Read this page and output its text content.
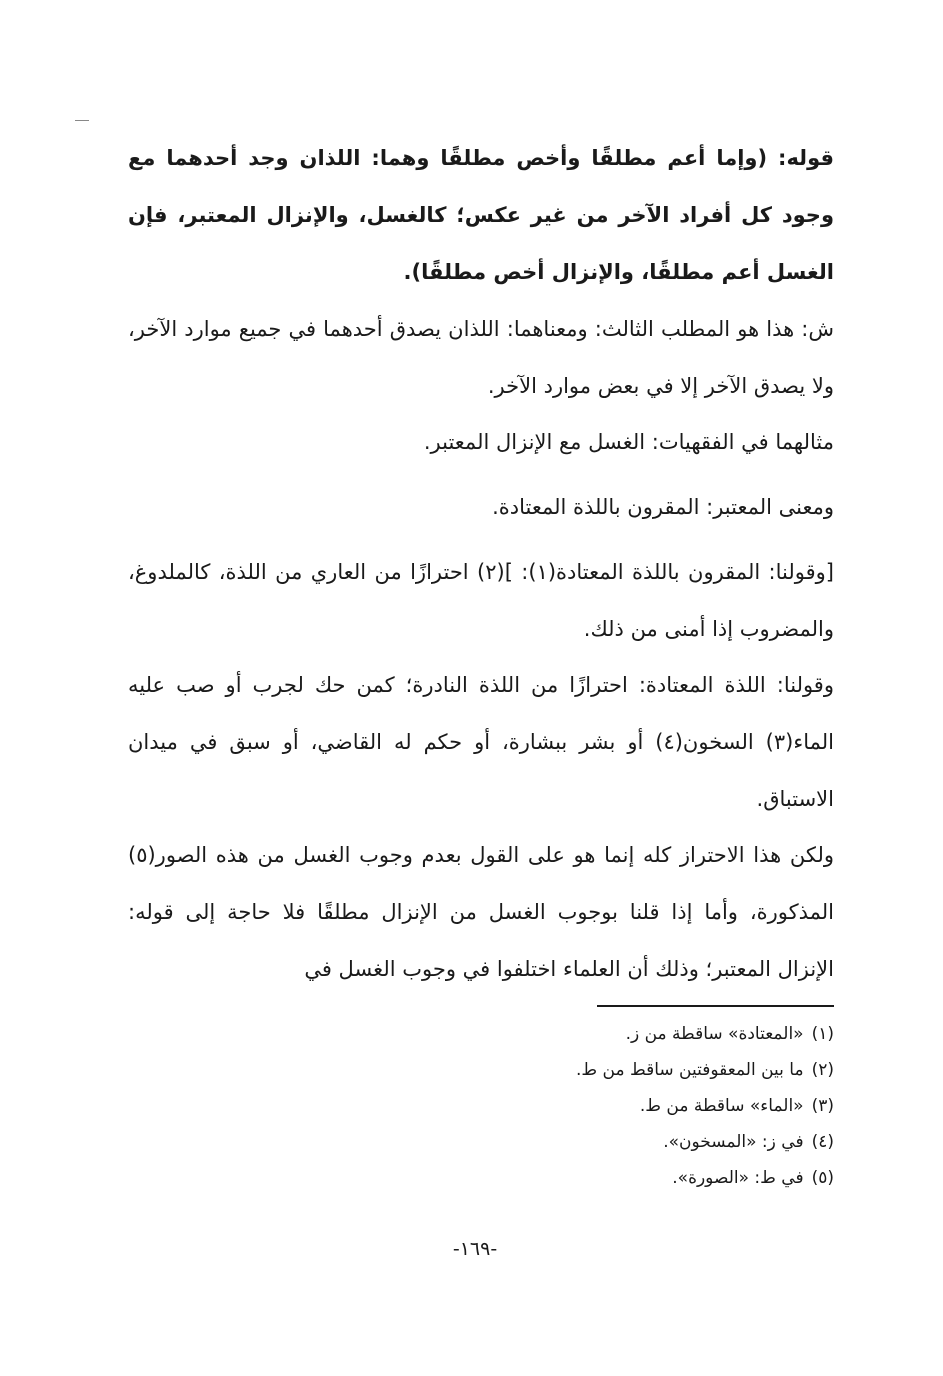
قوله: (وإما أعم مطلقًا وأخص مطلقًا وهما: اللذان وجد أحدهما مع وجود كل أفراد الآخر من غير عكس؛ كالغسل، والإنزال المعتبر، فإن الغسل أعم مطلقًا، والإنزال أخص مطلقًا).

ش: هذا هو المطلب الثالث: ومعناهما: اللذان يصدق أحدهما في جميع موارد الآخر، ولا يصدق الآخر إلا في بعض موارد الآخر.

مثالهما في الفقهيات: الغسل مع الإنزال المعتبر.

ومعنى المعتبر: المقرون باللذة المعتادة.

[وقولنا: المقرون باللذة المعتادة(١): ](٢) احترازًا من العاري من اللذة، كالملدوغ، والمضروب إذا أمنى من ذلك.

وقولنا: اللذة المعتادة: احترازًا من اللذة النادرة؛ كمن حك لجرب أو صب عليه الماء(٣) السخون(٤) أو بشر ببشارة، أو حكم له القاضي، أو سبق في ميدان الاستباق.

ولكن هذا الاحتراز كله إنما هو على القول بعدم وجوب الغسل من هذه الصور(٥) المذكورة، وأما إذا قلنا بوجوب الغسل من الإنزال مطلقًا فلا حاجة إلى قوله: الإنزال المعتبر؛ وذلك أن العلماء اختلفوا في وجوب الغسل في

(١)«المعتادة» ساقطة من ز.
(٢)ما بين المعقوفتين ساقط من ط.
(٣)«الماء» ساقطة من ط.
(٤)في ز: «المسخون».
(٥)في ط: «الصورة».
-١٦٩-
